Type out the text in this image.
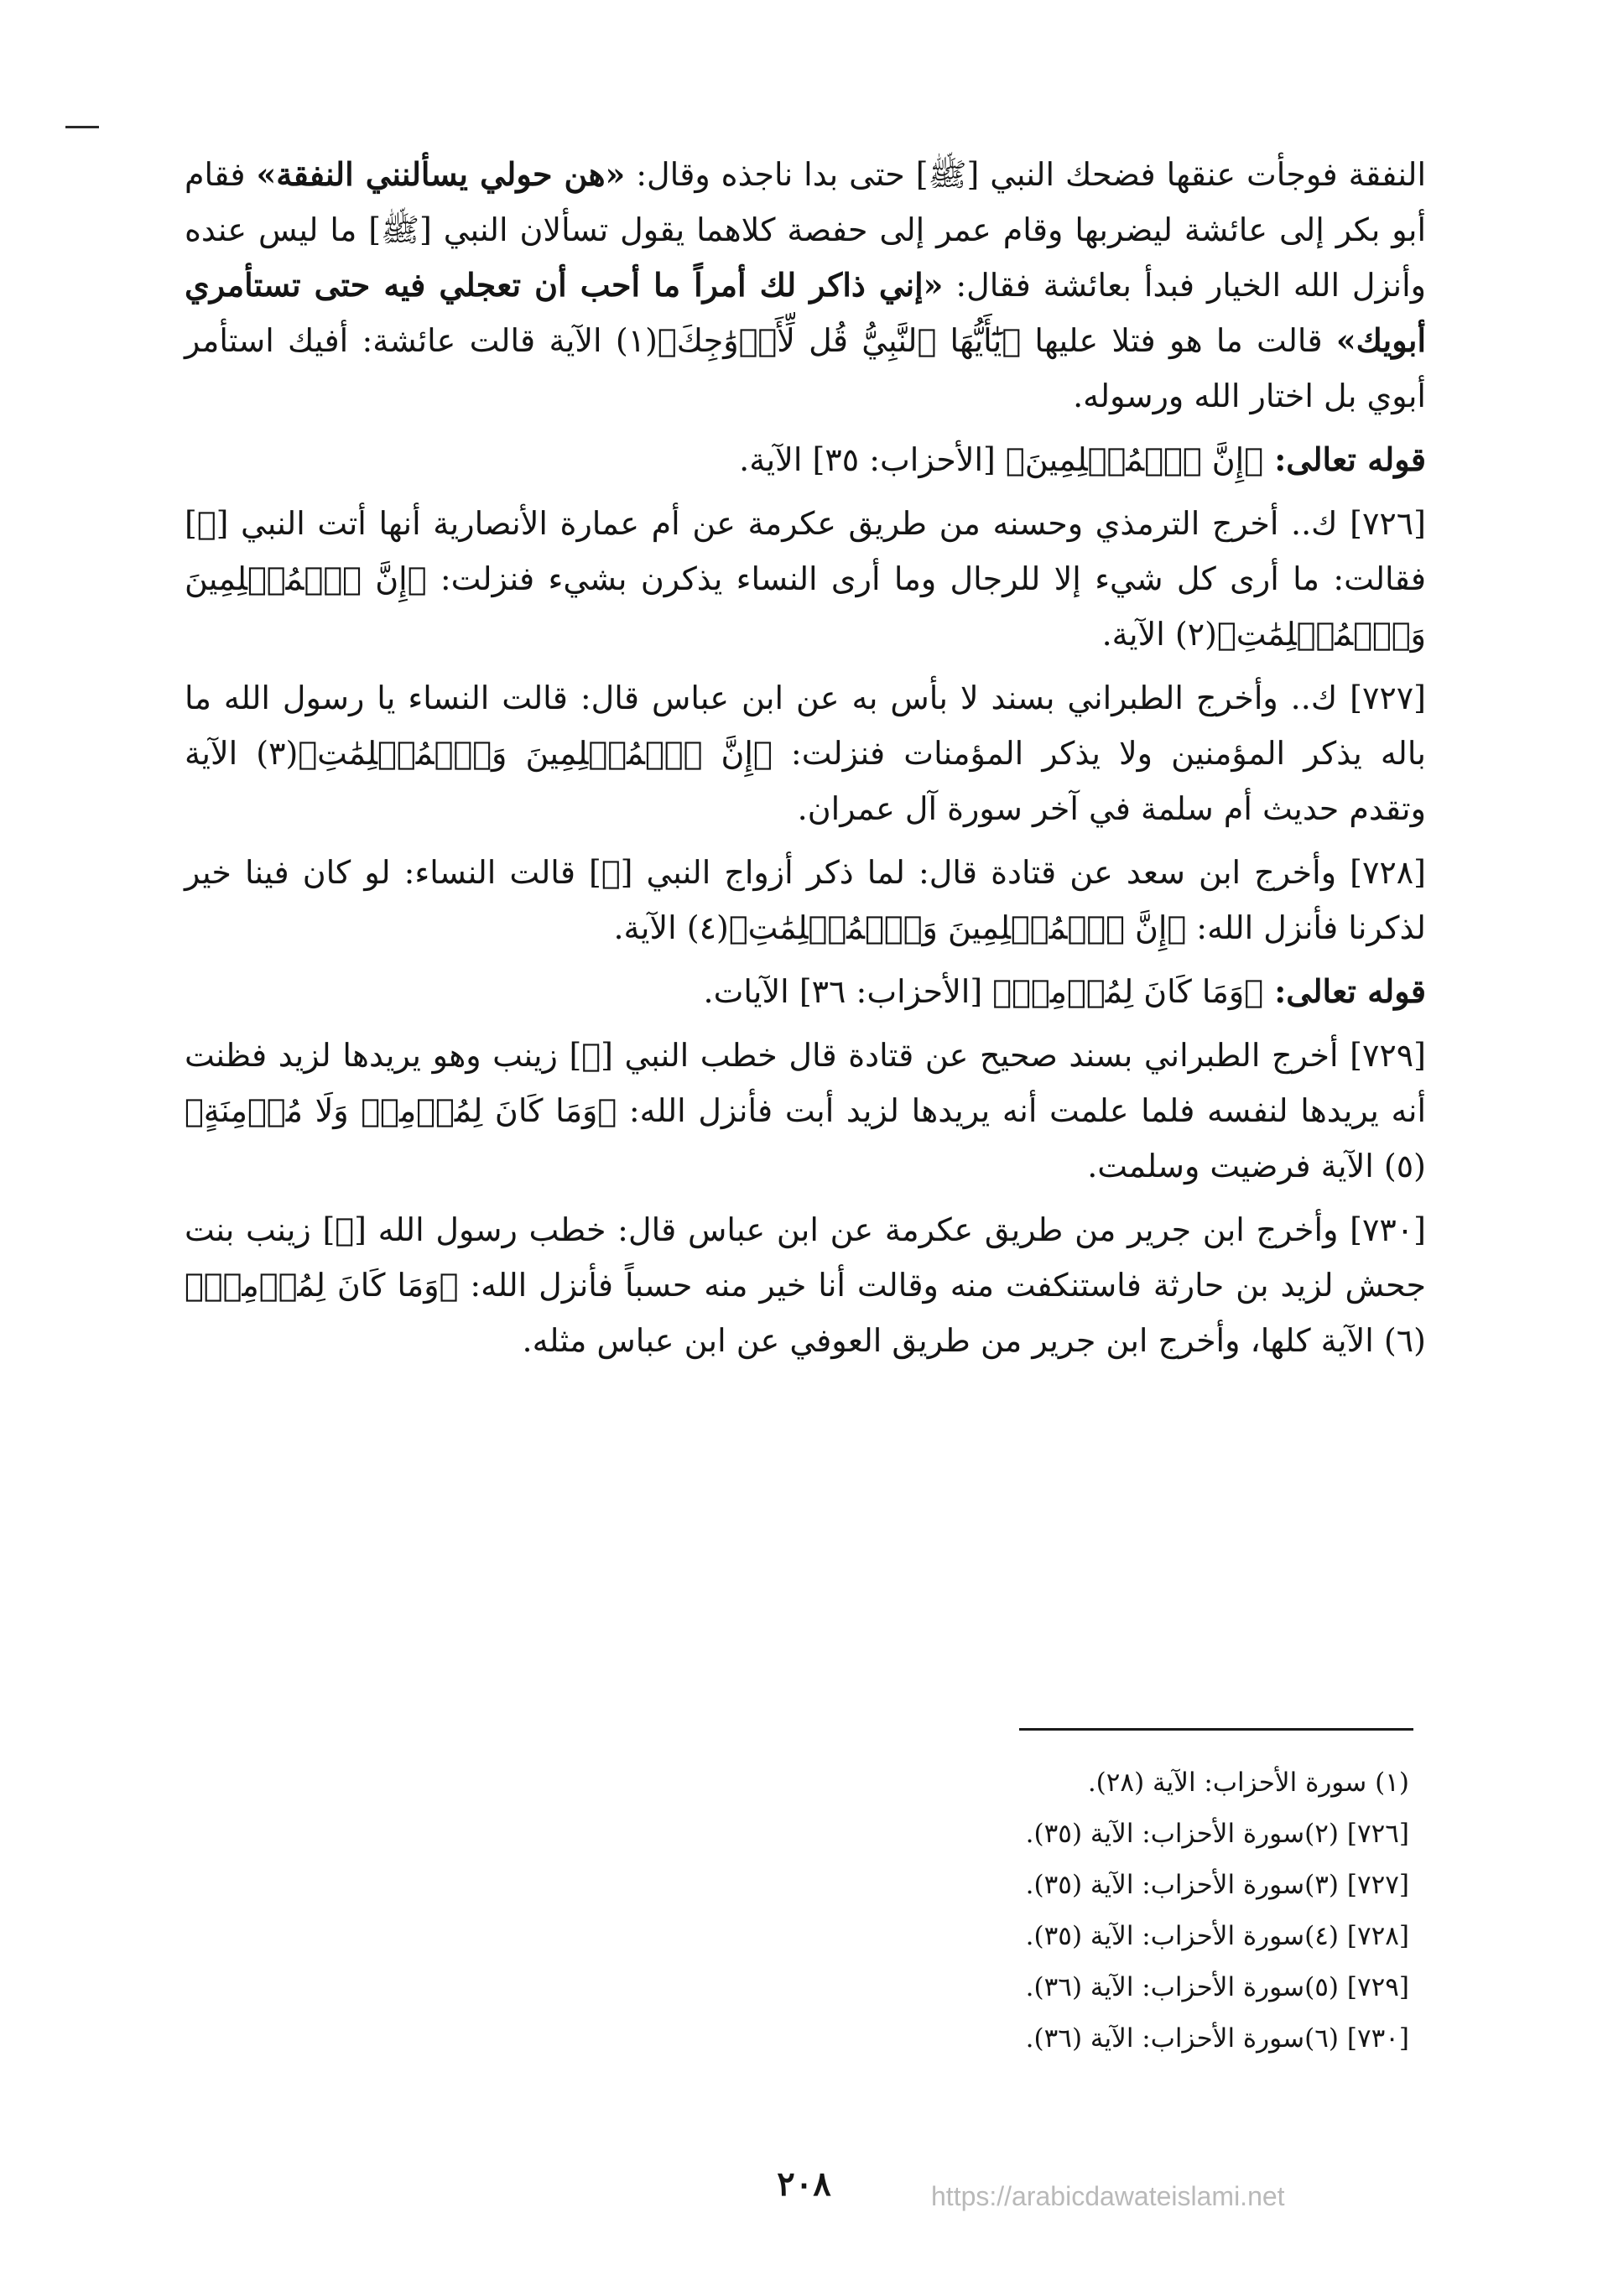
النفقة فوجأت عنقها فضحك النبي [ﷺ] حتى بدا ناجذه وقال: «هن حولي يسألنني النفقة» فقام أبو بكر إلى عائشة ليضربها وقام عمر إلى حفصة كلاهما يقول تسألان النبي [ﷺ] ما ليس عنده وأنزل الله الخيار فبدأ بعائشة فقال: «إني ذاكر لك أمراً ما أحب أن تعجلي فيه حتى تستأمري أبويك» قالت ما هو فتلا عليها ﴿يَٰٓأَيُّهَا ٱلنَّبِيُّ قُل لِّأَزۡوَٰجِكَ﴾(١) الآية قالت عائشة: أفيك استأمر أبوي بل اختار الله ورسوله.

قوله تعالى: ﴿إِنَّ ٱلۡمُسۡلِمِينَ﴾ [الأحزاب: ٣٥] الآية.

[٧٢٦] ك.. أخرج الترمذي وحسنه من طريق عكرمة عن أم عمارة الأنصارية أنها أتت النبي [ﷺ] فقالت: ما أرى كل شيء إلا للرجال وما أرى النساء يذكرن بشيء فنزلت: ﴿إِنَّ ٱلۡمُسۡلِمِينَ وَٱلۡمُسۡلِمَٰتِ﴾(٢) الآية.

[٧٢٧] ك.. وأخرج الطبراني بسند لا بأس به عن ابن عباس قال: قالت النساء يا رسول الله ما باله يذكر المؤمنين ولا يذكر المؤمنات فنزلت: ﴿إِنَّ ٱلۡمُسۡلِمِينَ وَٱلۡمُسۡلِمَٰتِ﴾(٣) الآية وتقدم حديث أم سلمة في آخر سورة آل عمران.

[٧٢٨] وأخرج ابن سعد عن قتادة قال: لما ذكر أزواج النبي [ﷺ] قالت النساء: لو كان فينا خير لذكرنا فأنزل الله: ﴿إِنَّ ٱلۡمُسۡلِمِينَ وَٱلۡمُسۡلِمَٰتِ﴾(٤) الآية.

قوله تعالى: ﴿وَمَا كَانَ لِمُؤۡمِنٖ﴾ [الأحزاب: ٣٦] الآيات.

[٧٢٩] أخرج الطبراني بسند صحيح عن قتادة قال خطب النبي [ﷺ] زينب وهو يريدها لزيد فظنت أنه يريدها لنفسه فلما علمت أنه يريدها لزيد أبت فأنزل الله: ﴿وَمَا كَانَ لِمُؤۡمِنٖ وَلَا مُؤۡمِنَةٍ﴾(٥) الآية فرضيت وسلمت.

[٧٣٠] وأخرج ابن جرير من طريق عكرمة عن ابن عباس قال: خطب رسول الله [ﷺ] زينب بنت جحش لزيد بن حارثة فاستنكفت منه وقالت أنا خير منه حسباً فأنزل الله: ﴿وَمَا كَانَ لِمُؤۡمِنٖ﴾(٦) الآية كلها، وأخرج ابن جرير من طريق العوفي عن ابن عباس مثله.

(١) سورة الأحزاب: الآية (٢٨).
[٧٢٦] (٢)سورة الأحزاب: الآية (٣٥).
[٧٢٧] (٣)سورة الأحزاب: الآية (٣٥).
[٧٢٨] (٤)سورة الأحزاب: الآية (٣٥).
[٧٢٩] (٥)سورة الأحزاب: الآية (٣٦).
[٧٣٠] (٦)سورة الأحزاب: الآية (٣٦).
٢٠٨	https://arabicdawateislami.net
